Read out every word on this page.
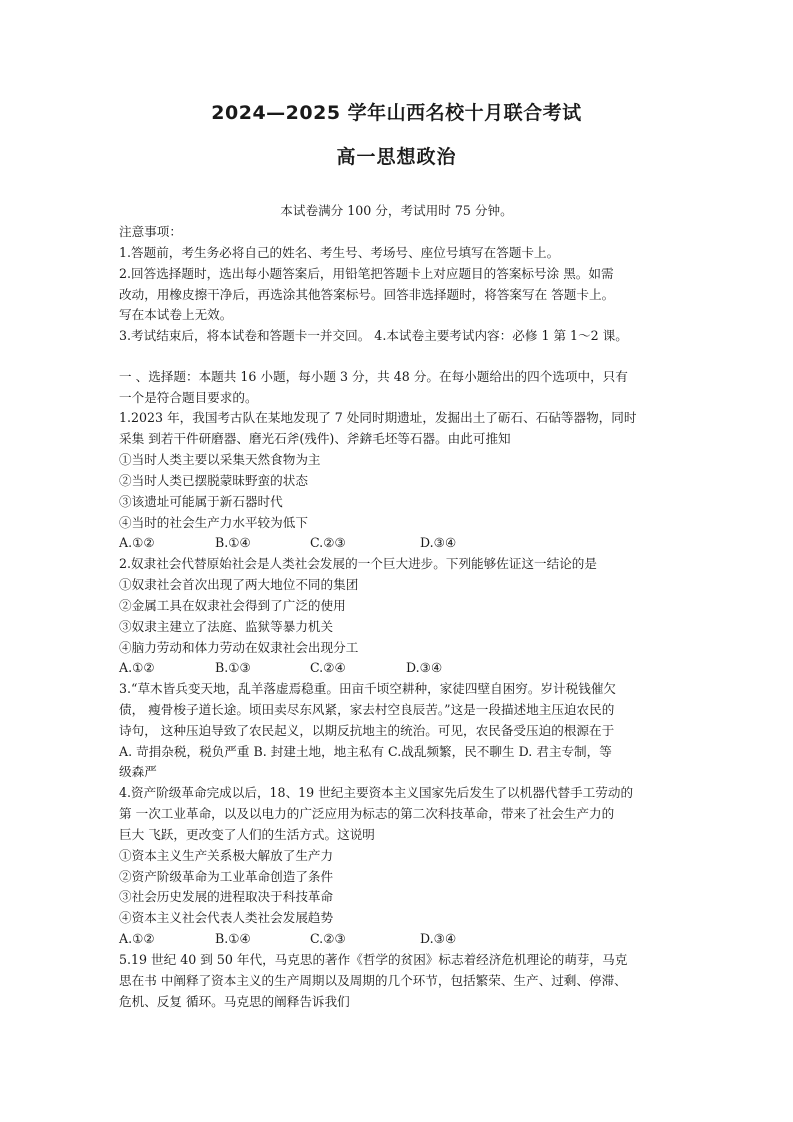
2024—2025 学年山西名校十月联合考试
高一思想政治
本试卷满分 100 分，考试用时 75 分钟。
注意事项：
1.答题前，考生务必将自己的姓名、考生号、考场号、座位号填写在答题卡上。
2.回答选择题时，选出每小题答案后，用铅笔把答题卡上对应题目的答案标号涂 黑。如需
改动，用橡皮擦干净后，再选涂其他答案标号。回答非选择题时，将答案写在 答题卡上。
写在本试卷上无效。
3.考试结束后，将本试卷和答题卡一并交回。 4.本试卷主要考试内容：必修 1 第 1～2 课。
一 、选择题：本题共 16 小题，每小题 3 分，共 48 分。在每小题给出的四个选项中，只有
一个是符合题目要求的。
1.2023 年，我国考古队在某地发现了 7 处同时期遗址，发掘出土了砺石、石砧等器物，同时
采集 到若干件研磨器、磨光石斧(残件)、斧錛毛坯等石器。由此可推知
①当时人类主要以采集天然食物为主
②当时人类已摆脱蒙昧野蛮的状态
③该遗址可能属于新石器时代
④当时的社会生产力水平较为低下
A.①②	B.①④	C.②③	D.③④
2.奴隶社会代替原始社会是人类社会发展的一个巨大进步。下列能够佐证这一结论的是
①奴隶社会首次出现了两大地位不同的集团
②金属工具在奴隶社会得到了广泛的使用
③奴隶主建立了法庭、监狱等暴力机关
④脑力劳动和体力劳动在奴隶社会出现分工
A.①②	B.①③	C.②④	D.③④
3.“草木皆兵变天地，乱羊落虚焉稳重。田亩千顷空耕种，家徒四壁自困穷。岁计税钱催欠
债， 瘦骨梭子道长途。顷田卖尽东风紧，家去村空良辰苦。”这是一段描述地主压迫农民的
诗句， 这种压迫导致了农民起义，以期反抗地主的统治。可见，农民备受压迫的根源在于
A. 苛捐杂税，税负严重 B. 封建土地，地主私有 C.战乱频繁，民不聊生 D. 君主专制，等
级森严
4.资产阶级革命完成以后，18、19 世纪主要资本主义国家先后发生了以机器代替手工劳动的
第 一次工业革命，以及以电力的广泛应用为标志的第二次科技革命，带来了社会生产力的
巨大 飞跃，更改变了人们的生活方式。这说明
①资本主义生产关系极大解放了生产力
②资产阶级革命为工业革命创造了条件
③社会历史发展的进程取决于科技革命
④资本主义社会代表人类社会发展趋势
A.①②	B.①④	C.②③	D.③④
5.19 世纪 40 到 50 年代，马克思的著作《哲学的贫困》标志着经济危机理论的萌芽，马克
思在书 中阐释了资本主义的生产周期以及周期的几个环节，包括繁荣、生产、过剩、停滞、
危机、反复 循环。马克思的阐释告诉我们
